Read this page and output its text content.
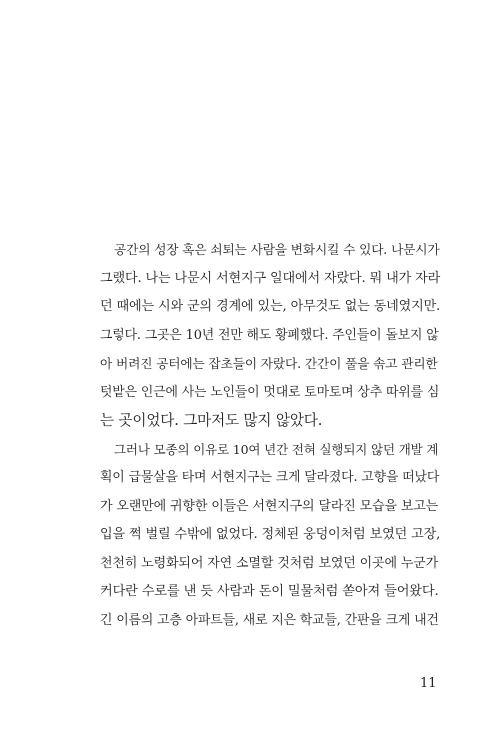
공간의 성장 혹은 쇠퇴는 사람을 변화시킬 수 있다. 나문시가
그랬다. 나는 나문시 서현지구 일대에서 자랐다. 뭐 내가 자라
던 때에는 시와 군의 경계에 있는, 아무것도 없는 동네였지만.
그렇다. 그곳은 10년 전만 해도 황폐했다. 주인들이 돌보지 않
아 버려진 공터에는 잡초들이 자랐다. 간간이 풀을 솎고 관리한
텃밭은 인근에 사는 노인들이 멋대로 토마토며 상추 따위를 심
는 곳이었다. 그마저도 많지 않았다.
그러나 모종의 이유로 10여 년간 전혀 실행되지 않던 개발 계
획이 급물살을 타며 서현지구는 크게 달라졌다. 고향을 떠났다
가 오랜만에 귀향한 이들은 서현지구의 달라진 모습을 보고는
입을 쩍 벌릴 수밖에 없었다. 정체된 웅덩이처럼 보였던 고장,
천천히 노령화되어 자연 소멸할 것처럼 보였던 이곳에 누군가
커다란 수로를 낸 듯 사람과 돈이 밀물처럼 쏟아져 들어왔다.
긴 이름의 고층 아파트들, 새로 지은 학교들, 간판을 크게 내건
11
